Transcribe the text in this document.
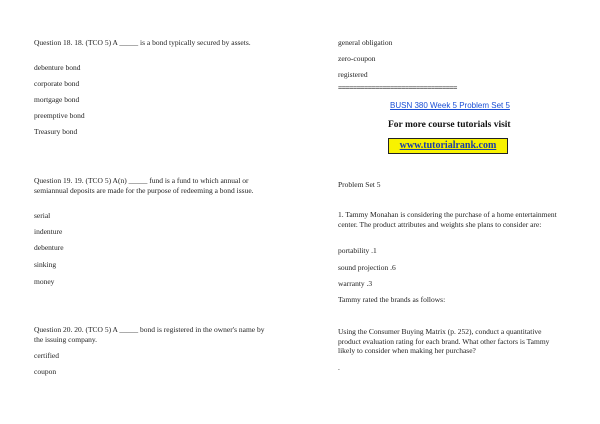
Question 18. 18. (TCO 5) A _____ is a bond typically secured by assets.
debenture bond
corporate bond
mortgage bond
preemptive bond
Treasury bond
Question 19. 19. (TCO 5) A(n) _____ fund is a fund to which annual or semiannual deposits are made for the purpose of redeeming a bond issue.
serial
indenture
debenture
sinking
money
Question 20. 20. (TCO 5) A _____ bond is registered in the owner's name by the issuing company.
certified
coupon
general obligation
zero-coupon
registered
================================
BUSN 380 Week 5 Problem Set 5
For more course tutorials visit
www.tutorialrank.com
Problem Set 5
1. Tammy Monahan is considering the purchase of a home entertainment center. The product attributes and weights she plans to consider are:
portability .1
sound projection .6
warranty .3
Tammy rated the brands as follows:
Using the Consumer Buying Matrix (p. 252), conduct a quantitative product evaluation rating for each brand. What other factors is Tammy likely to consider when making her purchase?
.
